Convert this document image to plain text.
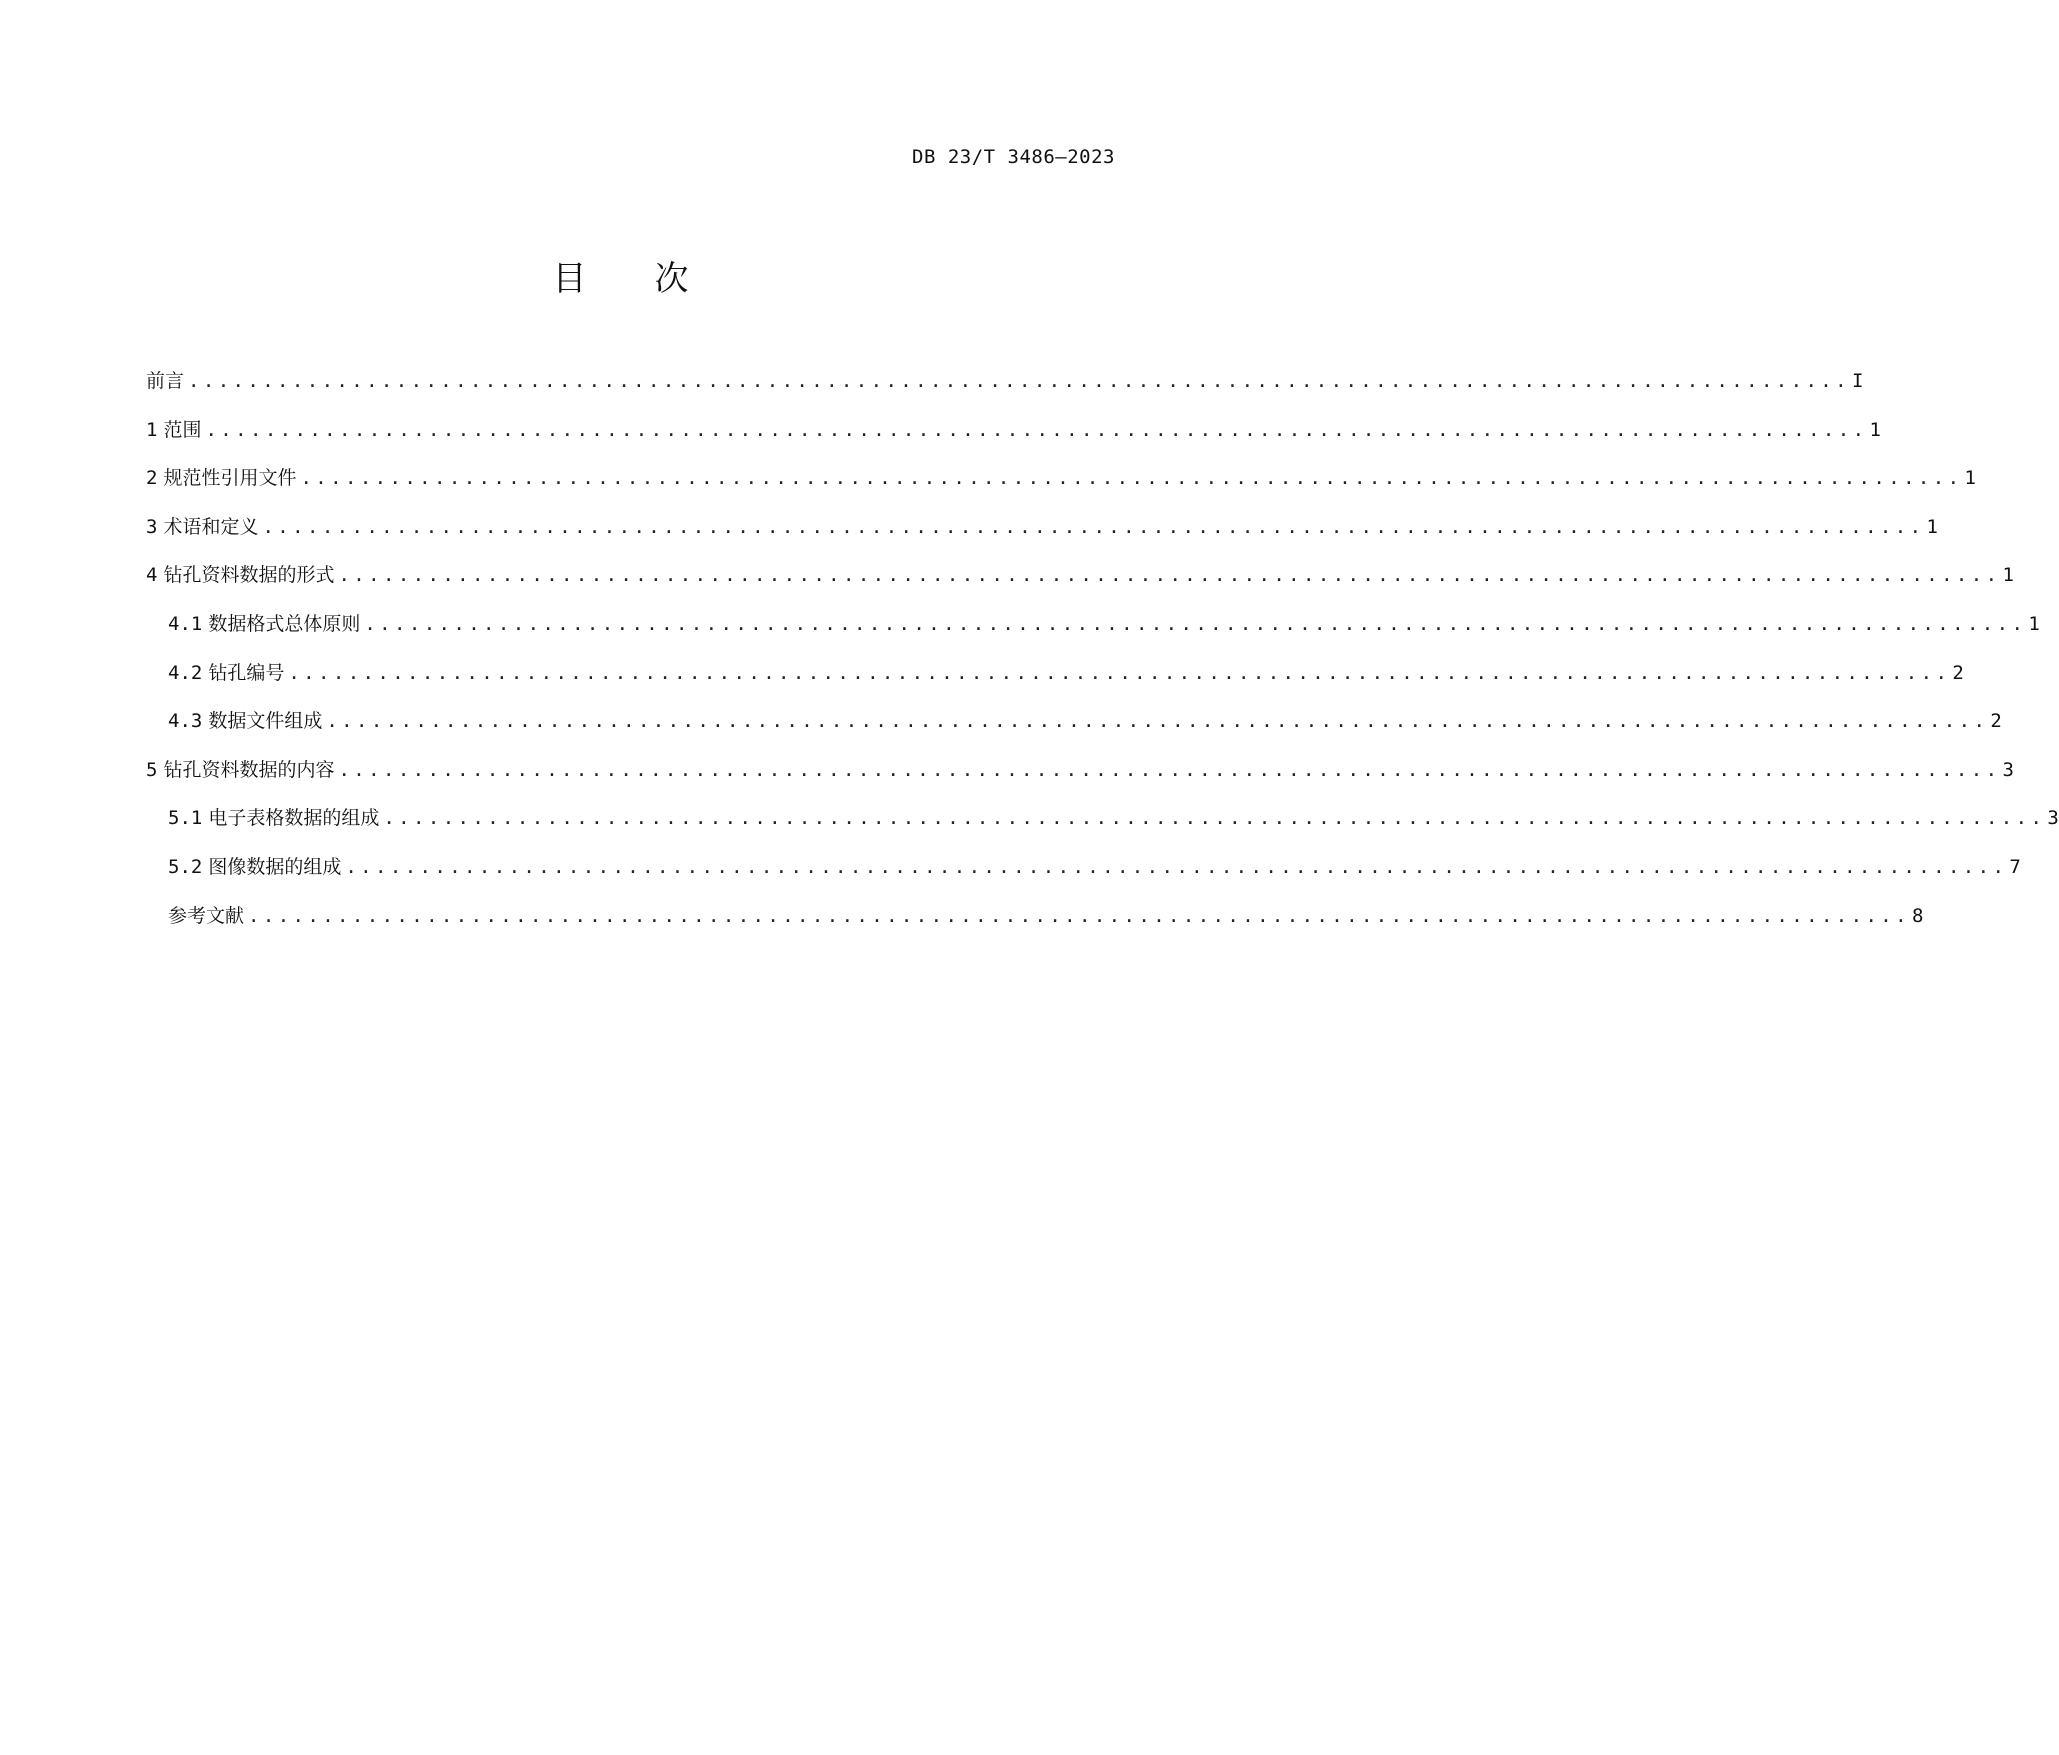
DB 23/T 3486—2023
目　　次
前言 ................................................................................................................ I
1 范围 ................................................................................................................ 1
2 规范性引用文件 ................................................................................................................ 1
3 术语和定义 ................................................................................................................ 1
4 钻孔资料数据的形式 ................................................................................................................ 1
4.1 数据格式总体原则 ................................................................................................................ 1
4.2 钻孔编号 ................................................................................................................ 2
4.3 数据文件组成 ................................................................................................................ 2
5 钻孔资料数据的内容 ................................................................................................................ 3
5.1 电子表格数据的组成 ................................................................................................................ 3
5.2 图像数据的组成 ................................................................................................................ 7
参考文献 ................................................................................................................ 8
